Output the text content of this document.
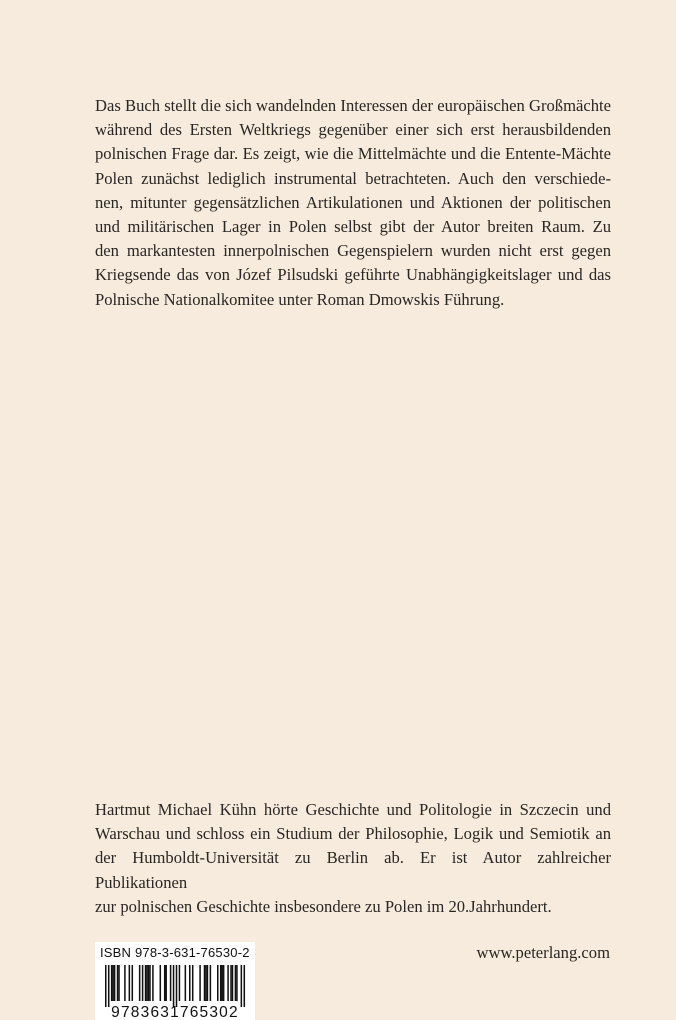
Das Buch stellt die sich wandelnden Interessen der europäischen Großmächte

während des Ersten Weltkriegs gegenüber einer sich erst herausbildenden

polnischen Frage dar. Es zeigt, wie die Mittelmächte und die Entente-Mächte

Polen zunächst lediglich instrumental betrachteten. Auch den verschiede-

nen, mitunter gegensätzlichen Artikulationen und Aktionen der politischen

und militärischen Lager in Polen selbst gibt der Autor breiten Raum. Zu

den markantesten innerpolnischen Gegenspielern wurden nicht erst gegen

Kriegsende das von Józef Pilsudski geführte Unabhängigkeitslager und das

Polnische Nationalkomitee unter Roman Dmowskis Führung.

Hartmut Michael Kühn hörte Geschichte und Politologie in Szczecin und

Warschau und schloss ein Studium der Philosophie, Logik und Semiotik an

der Humboldt-Universität zu Berlin ab. Er ist Autor zahlreicher Publikationen

zur polnischen Geschichte insbesondere zu Polen im 20.Jahrhundert.

ISBN 978-3-631-76530-2
9783631765302
www.peterlang.com
